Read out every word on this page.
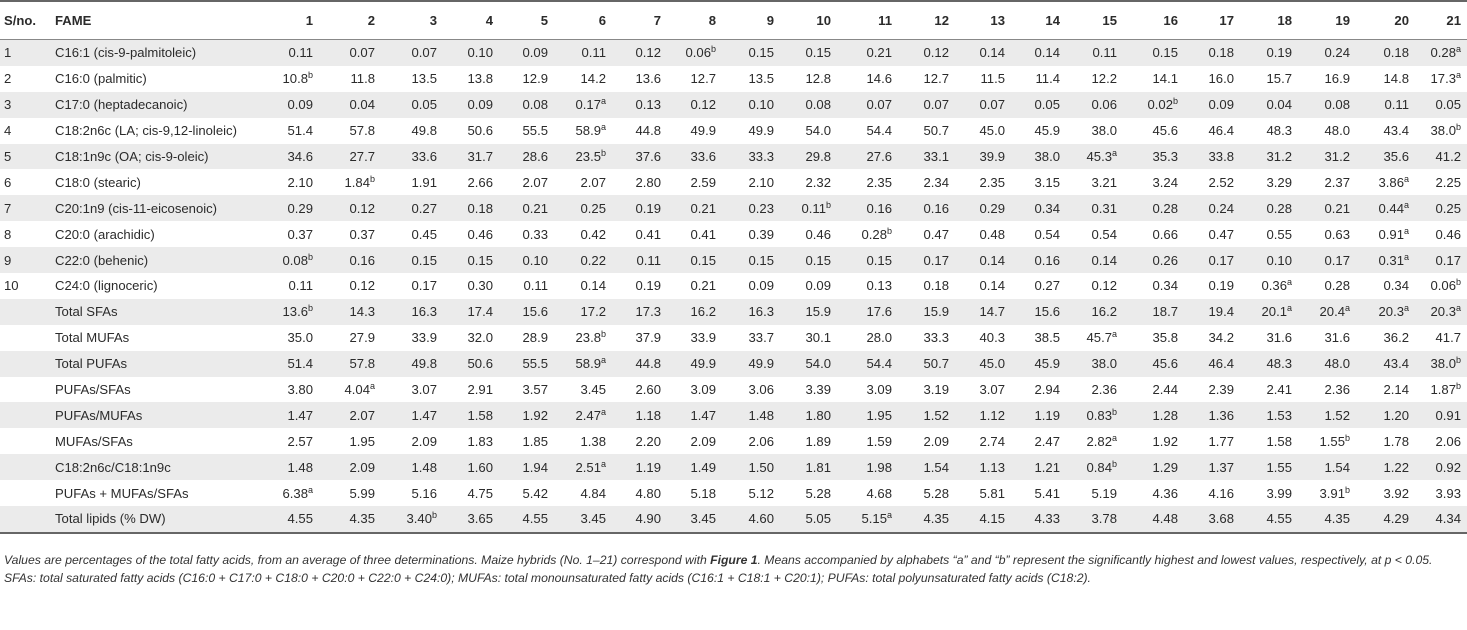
S/no.	FAME	1	2	3	4	5	6	7	8	9	10	11	12	13	14	15	16	17	18	19	20	21
1	C16:1 (cis-9-palmitoleic)	0.11	0.07	0.07	0.10	0.09	0.11	0.12	0.06$^b$	0.15	0.15	0.21	0.12	0.14	0.14	0.11	0.15	0.18	0.19	0.24	0.18	0.28$^a$
2	C16:0 (palmitic)	10.8$^b$	11.8	13.5	13.8	12.9	14.2	13.6	12.7	13.5	12.8	14.6	12.7	11.5	11.4	12.2	14.1	16.0	15.7	16.9	14.8	17.3$^a$
3	C17:0 (heptadecanoic)	0.09	0.04	0.05	0.09	0.08	0.17$^a$	0.13	0.12	0.10	0.08	0.07	0.07	0.07	0.05	0.06	0.02$^b$	0.09	0.04	0.08	0.11	0.05
4	C18:2n6c (LA; cis-9,12-linoleic)	51.4	57.8	49.8	50.6	55.5	58.9$^a$	44.8	49.9	49.9	54.0	54.4	50.7	45.0	45.9	38.0	45.6	46.4	48.3	48.0	43.4	38.0$^b$
5	C18:1n9c (OA; cis-9-oleic)	34.6	27.7	33.6	31.7	28.6	23.5$^b$	37.6	33.6	33.3	29.8	27.6	33.1	39.9	38.0	45.3$^a$	35.3	33.8	31.2	31.2	35.6	41.2
6	C18:0 (stearic)	2.10	1.84$^b$	1.91	2.66	2.07	2.07	2.80	2.59	2.10	2.32	2.35	2.34	2.35	3.15	3.21	3.24	2.52	3.29	2.37	3.86$^a$	2.25
7	C20:1n9 (cis-11-eicosenoic)	0.29	0.12	0.27	0.18	0.21	0.25	0.19	0.21	0.23	0.11$^b$	0.16	0.16	0.29	0.34	0.31	0.28	0.24	0.28	0.21	0.44$^a$	0.25
8	C20:0 (arachidic)	0.37	0.37	0.45	0.46	0.33	0.42	0.41	0.41	0.39	0.46	0.28$^b$	0.47	0.48	0.54	0.54	0.66	0.47	0.55	0.63	0.91$^a$	0.46
9	C22:0 (behenic)	0.08$^b$	0.16	0.15	0.15	0.10	0.22	0.11	0.15	0.15	0.15	0.15	0.17	0.14	0.16	0.14	0.26	0.17	0.10	0.17	0.31$^a$	0.17
10	C24:0 (lignoceric)	0.11	0.12	0.17	0.30	0.11	0.14	0.19	0.21	0.09	0.09	0.13	0.18	0.14	0.27	0.12	0.34	0.19	0.36$^a$	0.28	0.34	0.06$^b$
	Total SFAs	13.6$^b$	14.3	16.3	17.4	15.6	17.2	17.3	16.2	16.3	15.9	17.6	15.9	14.7	15.6	16.2	18.7	19.4	20.1$^a$	20.4$^a$	20.3$^a$	20.3$^a$
	Total MUFAs	35.0	27.9	33.9	32.0	28.9	23.8$^b$	37.9	33.9	33.7	30.1	28.0	33.3	40.3	38.5	45.7$^a$	35.8	34.2	31.6	31.6	36.2	41.7
	Total PUFAs	51.4	57.8	49.8	50.6	55.5	58.9$^a$	44.8	49.9	49.9	54.0	54.4	50.7	45.0	45.9	38.0	45.6	46.4	48.3	48.0	43.4	38.0$^b$
	PUFAs/SFAs	3.80	4.04$^a$	3.07	2.91	3.57	3.45	2.60	3.09	3.06	3.39	3.09	3.19	3.07	2.94	2.36	2.44	2.39	2.41	2.36	2.14	1.87$^b$
	PUFAs/MUFAs	1.47	2.07	1.47	1.58	1.92	2.47$^a$	1.18	1.47	1.48	1.80	1.95	1.52	1.12	1.19	0.83$^b$	1.28	1.36	1.53	1.52	1.20	0.91
	MUFAs/SFAs	2.57	1.95	2.09	1.83	1.85	1.38	2.20	2.09	2.06	1.89	1.59	2.09	2.74	2.47	2.82$^a$	1.92	1.77	1.58	1.55$^b$	1.78	2.06
	C18:2n6c/C18:1n9c	1.48	2.09	1.48	1.60	1.94	2.51$^a$	1.19	1.49	1.50	1.81	1.98	1.54	1.13	1.21	0.84$^b$	1.29	1.37	1.55	1.54	1.22	0.92
	PUFAs + MUFAs/SFAs	6.38$^a$	5.99	5.16	4.75	5.42	4.84	4.80	5.18	5.12	5.28	4.68	5.28	5.81	5.41	5.19	4.36	4.16	3.99	3.91$^b$	3.92	3.93
	Total lipids (% DW)	4.55	4.35	3.40$^b$	3.65	4.55	3.45	4.90	3.45	4.60	5.05	5.15$^a$	4.35	4.15	4.33	3.78	4.48	3.68	4.55	4.35	4.29	4.34
Values are percentages of the total fatty acids, from an average of three determinations. Maize hybrids (No. 1–21) correspond with Figure 1. Means accompanied by alphabets “a” and “b” represent the significantly highest and lowest values, respectively, at p < 0.05. SFAs: total saturated fatty acids (C16:0 + C17:0 + C18:0 + C20:0 + C22:0 + C24:0); MUFAs: total monounsaturated fatty acids (C16:1 + C18:1 + C20:1); PUFAs: total polyunsaturated fatty acids (C18:2).
